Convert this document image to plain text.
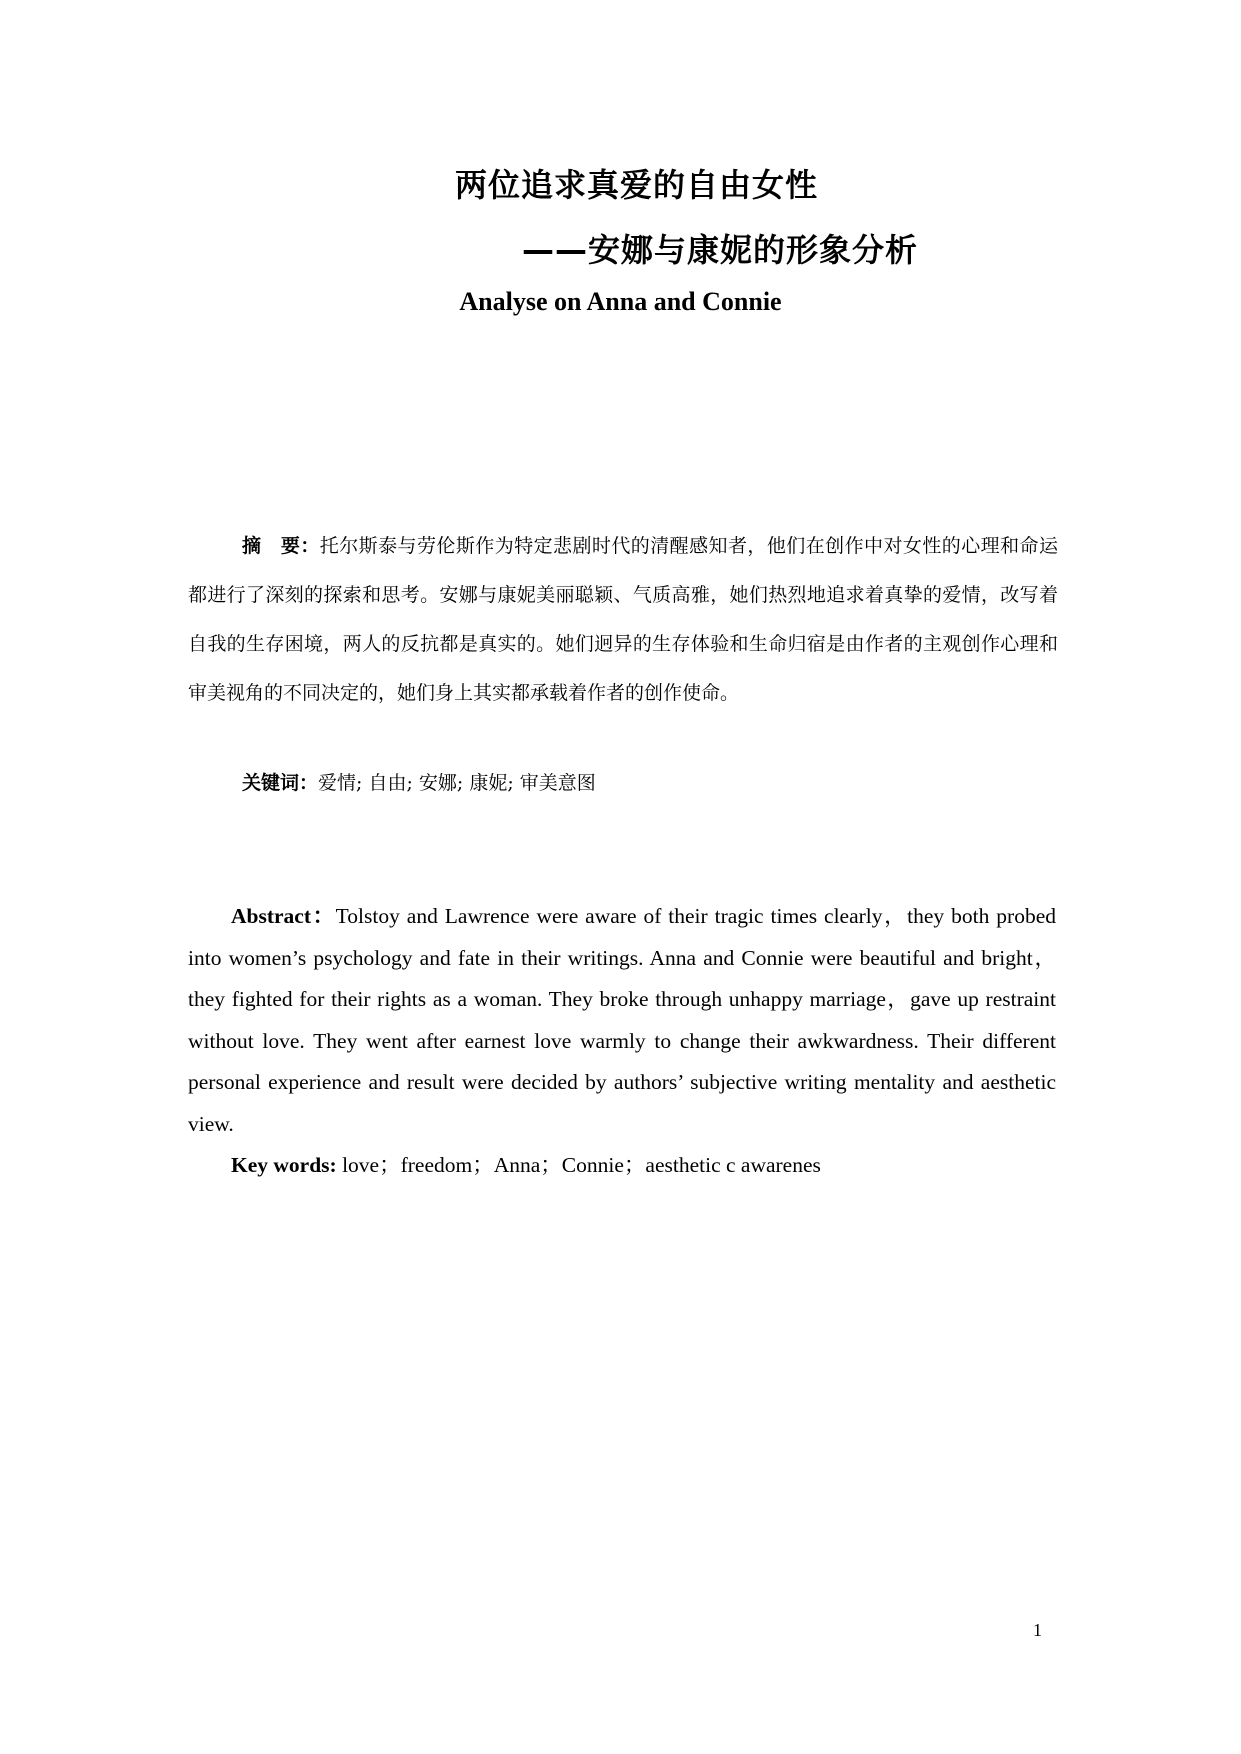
两位追求真爱的自由女性
——安娜与康妮的形象分析
Analyse on Anna and Connie

摘　要：托尔斯泰与劳伦斯作为特定悲剧时代的清醒感知者，他们在创作中对女性的心理和命运都进行了深刻的探索和思考。安娜与康妮美丽聪颖、气质高雅，她们热烈地追求着真挚的爱情，改写着自我的生存困境，两人的反抗都是真实的。她们迥异的生存体验和生命归宿是由作者的主观创作心理和审美视角的不同决定的，她们身上其实都承载着作者的创作使命。

关键词：爱情; 自由; 安娜; 康妮; 审美意图

Abstract：Tolstoy and Lawrence were aware of their tragic times clearly，they both probed into women’s psychology and fate in their writings. Anna and Connie were beautiful and bright，they fighted for their rights as a woman. They broke through unhappy marriage，gave up restraint without love. They went after earnest love warmly to change their awkwardness. Their different personal experience and result were decided by authors’ subjective writing mentality and aesthetic view.

Key words: love；freedom；Anna；Connie；aesthetic c awarenes
1
